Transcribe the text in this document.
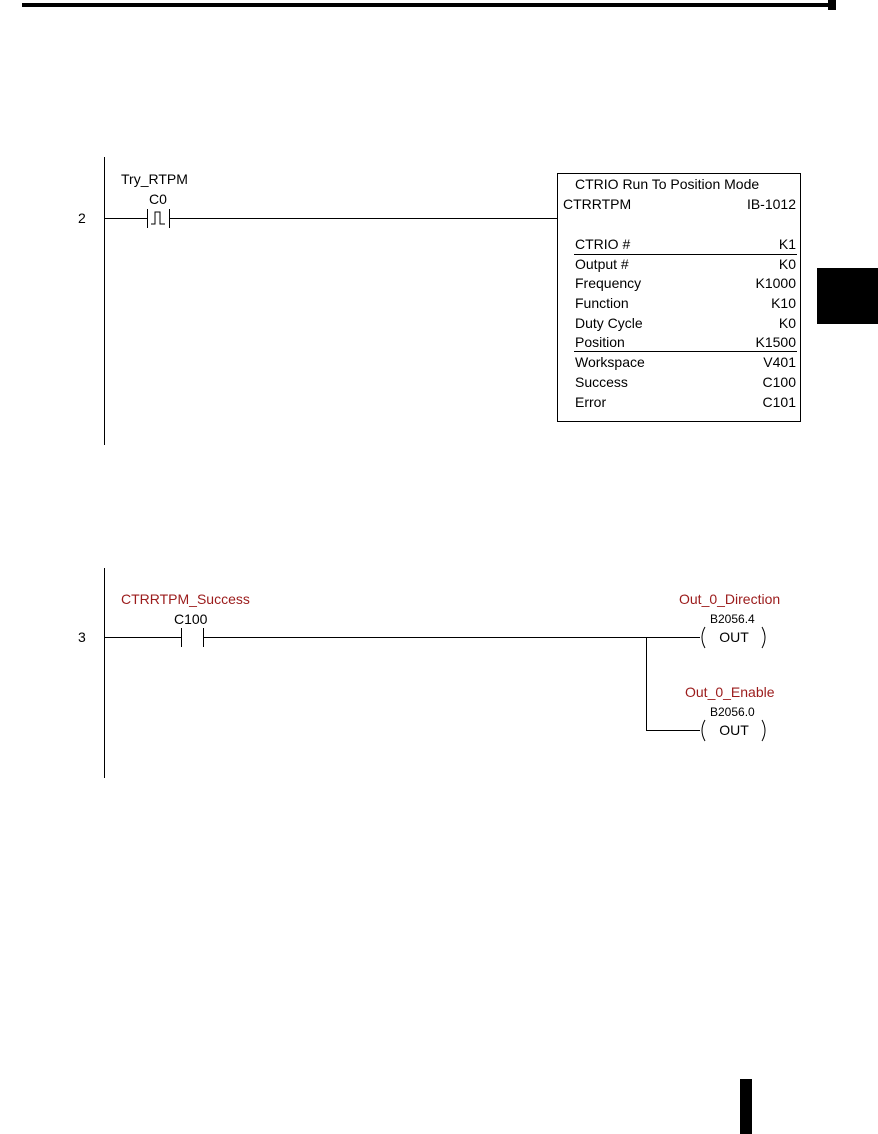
2
Try_RTPM
C0
CTRIO Run To Position Mode
CTRRTPM	IB-1012
CTRIO #	K1
Output #	K0
Frequency	K1000
Function	K10
Duty Cycle	K0
Position	K1500
Workspace	V401
Success	C100
Error	C101
3
CTRRTPM_Success
C100
Out_0_Direction
B2056.4
OUT
Out_0_Enable
B2056.0
OUT
